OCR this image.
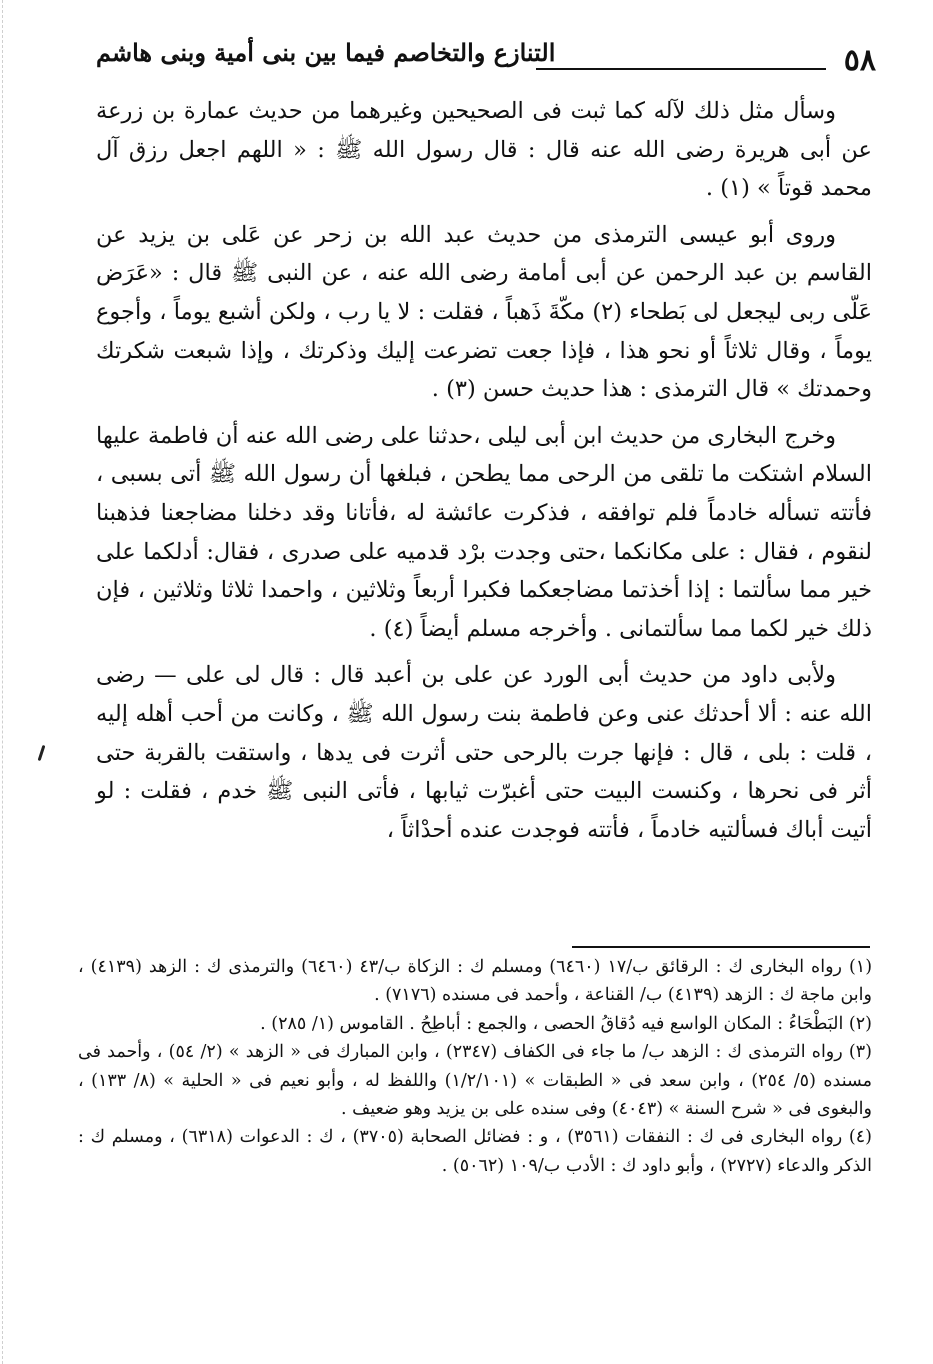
٥٨
التنازع والتخاصم فيما بين بنى أمية وبنى هاشم

وسأل مثل ذلك لآله كما ثبت فى الصحيحين وغيرهما من حديث عمارة بن زرعة عن أبى هريرة رضى الله عنه قال : قال رسول الله ﷺ : « اللهم اجعل رزق آل محمد قوتاً » (١) .

وروى أبو عيسى الترمذى من حديث عبد الله بن زحر عن عَلى بن يزيد عن القاسم بن عبد الرحمن عن أبى أمامة رضى الله عنه ، عن النبى ﷺ قال : «عَرَض عَلّى ربى ليجعل لى بَطحاء (٢) مكّةَ ذَهباً ، فقلت : لا يا رب ، ولكن أشبع يوماً ، وأجوع يوماً ، وقال ثلاثاً أو نحو هذا ، فإذا جعت تضرعت إليك وذكرتك ، وإذا شبعت شكرتك وحمدتك » قال الترمذى : هذا حديث حسن (٣) .

وخرج البخارى من حديث ابن أبى ليلى ،حدثنا على رضى الله عنه أن فاطمة عليها السلام اشتكت ما تلقى من الرحى مما يطحن ، فبلغها أن رسول الله ﷺ أتى بسبى ، فأتته تسأله خادماً فلم توافقه ، فذكرت عائشة له ،فأتانا وقد دخلنا مضاجعنا فذهبنا لنقوم ، فقال : على مكانكما ،حتى وجدت برْد قدميه على صدرى ، فقال: أدلكما على خير مما سألتما : إذا أخذتما مضاجعكما فكبرا أربعاً وثلاثين ، واحمدا ثلاثا وثلاثين ، فإن ذلك خير لكما مما سألتمانى . وأخرجه مسلم أيضاً (٤) .

ولأبى داود من حديث أبى الورد عن على بن أعبد قال : قال لى على — رضى الله عنه : ألا أحدثك عنى وعن فاطمة بنت رسول الله ﷺ ، وكانت من أحب أهله إليه ، قلت : بلى ، قال : فإنها جرت بالرحى حتى أثرت فى يدها ، واستقت بالقربة حتى أثر فى نحرها ، وكنست البيت حتى أغبرّت ثيابها ، فأتى النبى ﷺ خدم ، فقلت : لو أتيت أباك فسألتيه خادماً ، فأتته فوجدت عنده أحدْاثاً ،

(١) رواه البخارى ك : الرقائق ب/١٧ (٦٤٦٠) ومسلم ك : الزكاة ب/٤٣ (٦٤٦٠) والترمذى ك : الزهد (٤١٣٩) ، وابن ماجة ك : الزهد (٤١٣٩) ب/ القناعة ، وأحمد فى مسنده (٧١٧٦) .

(٢) البَطْحَاءُ : المكان الواسع فيه دُقاقُ الحصى ، والجمع : أباطِحُ . القاموس (١/ ٢٨٥) .

(٣) رواه الترمذى ك : الزهد ب/ ما جاء فى الكفاف (٢٣٤٧) ، وابن المبارك فى « الزهد » (٢/ ٥٤) ، وأحمد فى مسنده (٥/ ٢٥٤) ، وابن سعد فى « الطبقات » (١/٢/١٠١) واللفظ له ، وأبو نعيم فى « الحلية » (٨/ ١٣٣) ، والبغوى فى « شرح السنة » (٤٠٤٣) وفى سنده على بن يزيد وهو ضعيف .

(٤) رواه البخارى فى ك : النفقات (٣٥٦١) ، و : فضائل الصحابة (٣٧٠٥) ، ك : الدعوات (٦٣١٨) ، ومسلم ك : الذكر والدعاء (٢٧٢٧) ، وأبو داود ك : الأدب ب/١٠٩ (٥٠٦٢) .
